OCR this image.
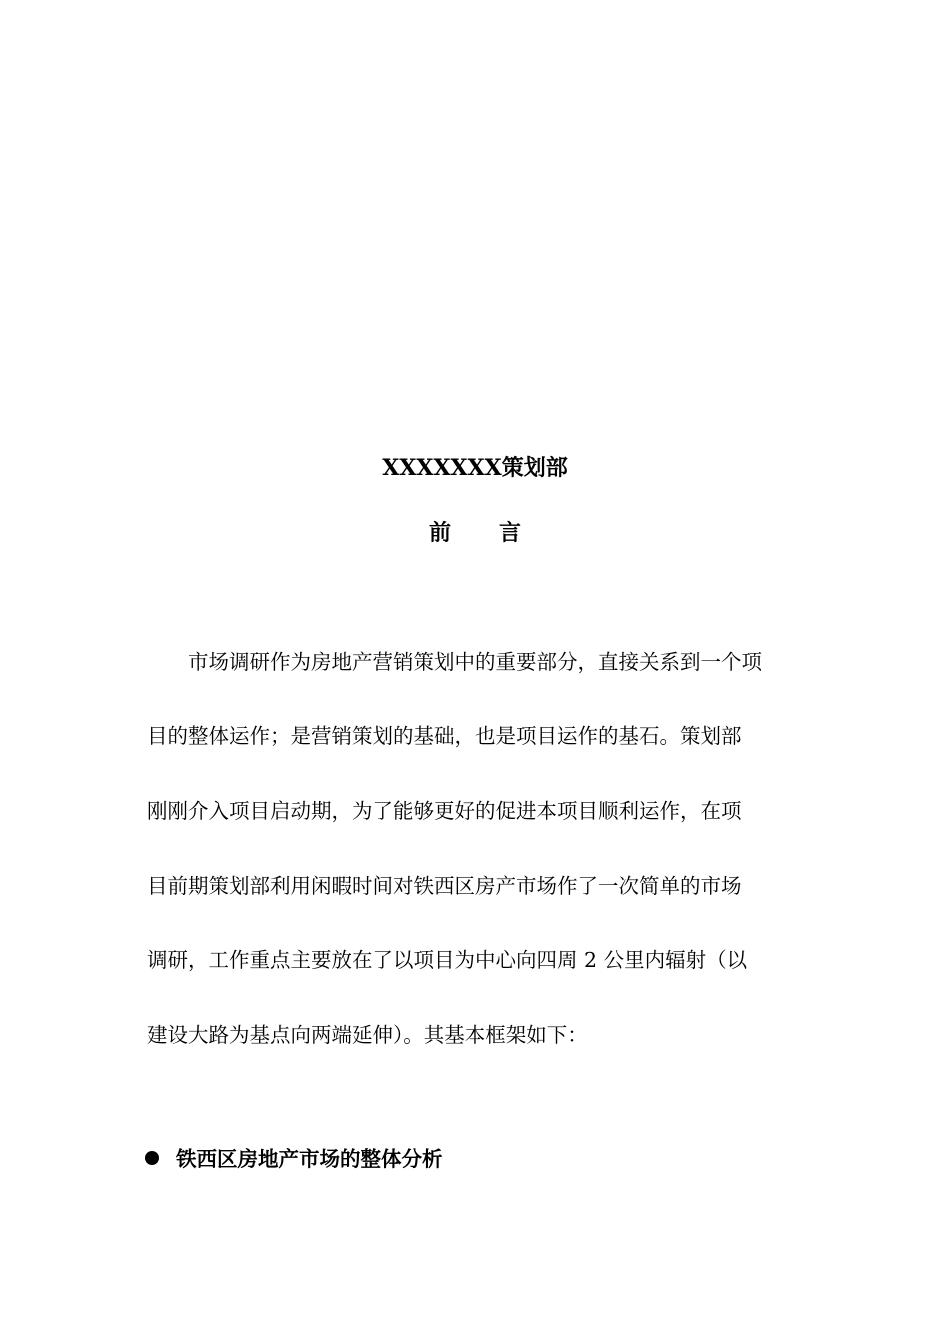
XXXXXXX策划部
前言
　　市场调研作为房地产营销策划中的重要部分，直接关系到一个项
目的整体运作；是营销策划的基础，也是项目运作的基石。策划部
刚刚介入项目启动期，为了能够更好的促进本项目顺利运作，在项
目前期策划部利用闲暇时间对铁西区房产市场作了一次简单的市场
调研，工作重点主要放在了以项目为中心向四周 2 公里内辐射（以
建设大路为基点向两端延伸）。其基本框架如下：
铁西区房地产市场的整体分析
